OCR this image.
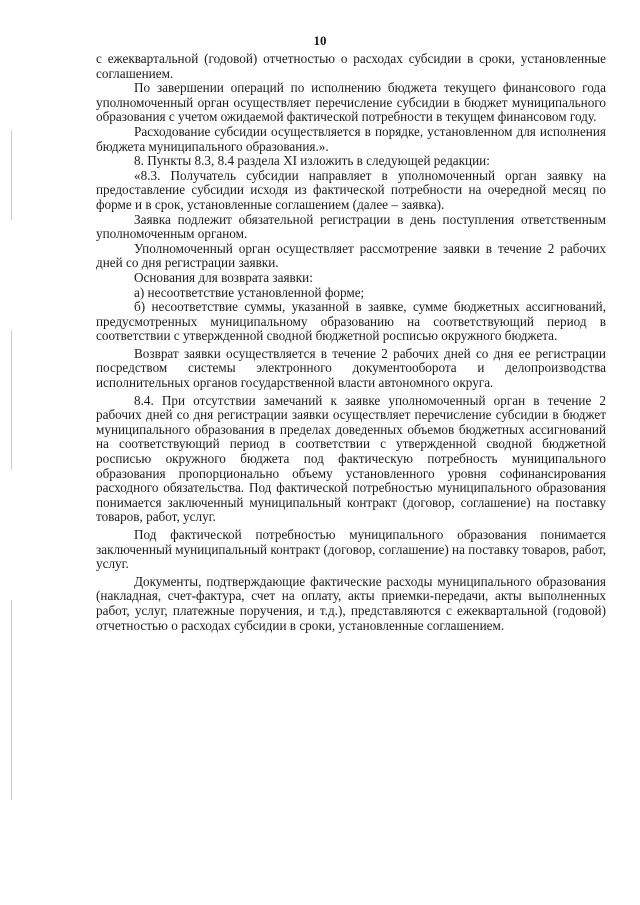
10

с ежеквартальной (годовой) отчетностью о расходах субсидии в сроки, установленные соглашением.

По завершении операций по исполнению бюджета текущего финансового года уполномоченный орган осуществляет перечисление субсидии в бюджет муниципального образования с учетом ожидаемой фактической потребности в текущем финансовом году.

Расходование субсидии осуществляется в порядке, установленном для исполнения бюджета муниципального образования.».

8. Пункты 8.3, 8.4 раздела XI изложить в следующей редакции:

«8.3. Получатель субсидии направляет в уполномоченный орган заявку на предоставление субсидии исходя из фактической потребности на очередной месяц по форме и в срок, установленные соглашением (далее – заявка).

Заявка подлежит обязательной регистрации в день поступления ответственным уполномоченным органом.

Уполномоченный орган осуществляет рассмотрение заявки в течение 2 рабочих дней со дня регистрации заявки.

Основания для возврата заявки:

а) несоответствие установленной форме;

б) несоответствие суммы, указанной в заявке, сумме бюджетных ассигнований, предусмотренных муниципальному образованию на соответствующий период в соответствии с утвержденной сводной бюджетной росписью окружного бюджета.

Возврат заявки осуществляется в течение 2 рабочих дней со дня ее регистрации посредством системы электронного документооборота и делопроизводства исполнительных органов государственной власти автономного округа.

8.4. При отсутствии замечаний к заявке уполномоченный орган в течение 2 рабочих дней со дня регистрации заявки осуществляет перечисление субсидии в бюджет муниципального образования в пределах доведенных объемов бюджетных ассигнований на соответствующий период в соответствии с утвержденной сводной бюджетной росписью окружного бюджета под фактическую потребность муниципального образования пропорционально объему установленного уровня софинансирования расходного обязательства. Под фактической потребностью муниципального образования понимается заключенный муниципальный контракт (договор, соглашение) на поставку товаров, работ, услуг.

Под фактической потребностью муниципального образования понимается заключенный муниципальный контракт (договор, соглашение) на поставку товаров, работ, услуг.

Документы, подтверждающие фактические расходы муниципального образования (накладная, счет-фактура, счет на оплату, акты приемки-передачи, акты выполненных работ, услуг, платежные поручения, и т.д.), представляются с ежеквартальной (годовой) отчетностью о расходах субсидии в сроки, установленные соглашением.
